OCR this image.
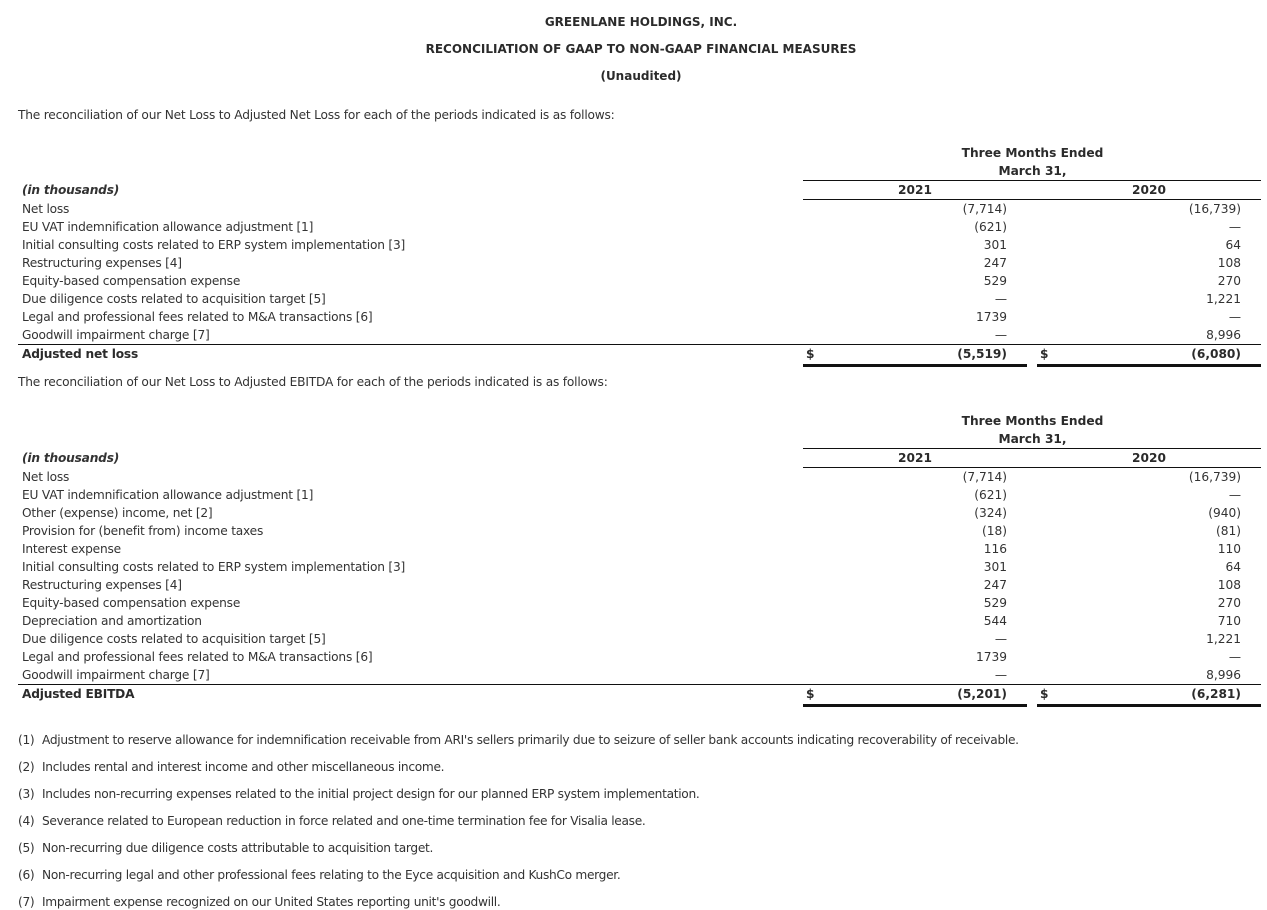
GREENLANE HOLDINGS, INC.
RECONCILIATION OF GAAP TO NON-GAAP FINANCIAL MEASURES
(Unaudited)
The reconciliation of our Net Loss to Adjusted Net Loss for each of the periods indicated is as follows:
Three Months Ended
March 31,
(in thousands)	2021	2020
Net loss	(7,714)	(16,739)
EU VAT indemnification allowance adjustment [1]	(621)	—
Initial consulting costs related to ERP system implementation [3]	301	64
Restructuring expenses [4]	247	108
Equity-based compensation expense	529	270
Due diligence costs related to acquisition target [5]	—	1,221
Legal and professional fees related to M&A transactions [6]	1739	—
Goodwill impairment charge [7]	—	8,996
Adjusted net loss	$	(5,519)	$	(6,080)
The reconciliation of our Net Loss to Adjusted EBITDA for each of the periods indicated is as follows:
Three Months Ended
March 31,
(in thousands)	2021	2020
Net loss	(7,714)	(16,739)
EU VAT indemnification allowance adjustment [1]	(621)	—
Other (expense) income, net [2]	(324)	(940)
Provision for (benefit from) income taxes	(18)	(81)
Interest expense	116	110
Initial consulting costs related to ERP system implementation [3]	301	64
Restructuring expenses [4]	247	108
Equity-based compensation expense	529	270
Depreciation and amortization	544	710
Due diligence costs related to acquisition target [5]	—	1,221
Legal and professional fees related to M&A transactions [6]	1739	—
Goodwill impairment charge [7]	—	8,996
Adjusted EBITDA	$	(5,201)	$	(6,281)
(1) Adjustment to reserve allowance for indemnification receivable from ARI's sellers primarily due to seizure of seller bank accounts indicating recoverability of receivable.
(2) Includes rental and interest income and other miscellaneous income.
(3) Includes non-recurring expenses related to the initial project design for our planned ERP system implementation.
(4) Severance related to European reduction in force related and one-time termination fee for Visalia lease.
(5) Non-recurring due diligence costs attributable to acquisition target.
(6) Non-recurring legal and other professional fees relating to the Eyce acquisition and KushCo merger.
(7) Impairment expense recognized on our United States reporting unit's goodwill.
